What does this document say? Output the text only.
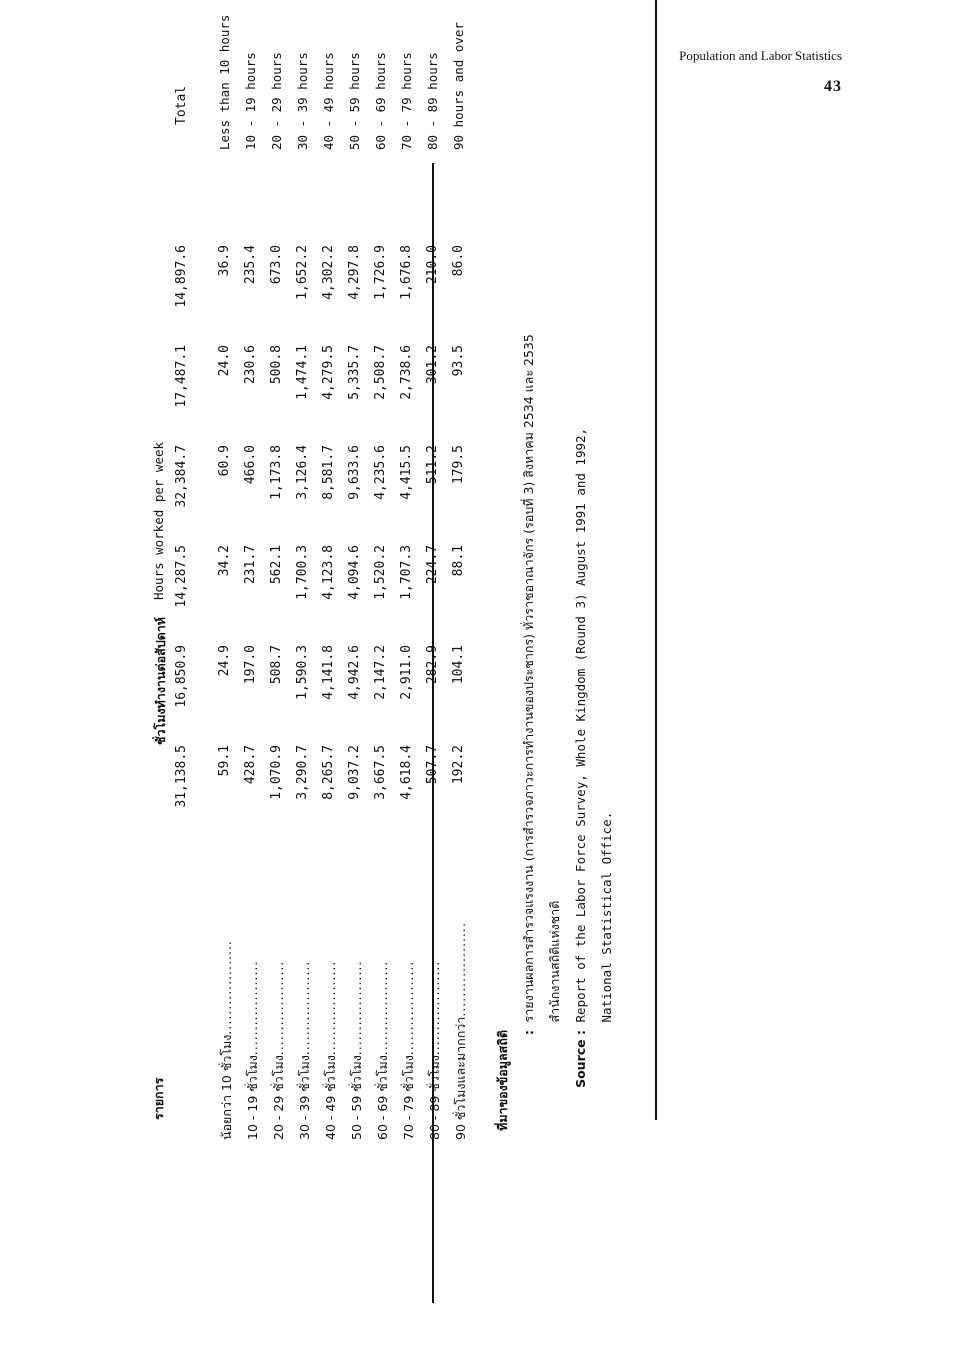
Population and Labor Statistics
43
รายการ
ชั่วโมงทำงานต่อสัปดาห์
Hours worked per week
31,138.5
16,850.9
14,287.5
32,384.7
17,487.1
14,897.6
Total
น้อยกว่า 10 ชั่วโมง...................
59.1
24.9
34.2
60.9
24.0
36.9
Less than 10 hours
10 - 19 ชั่วโมง...................
428.7
197.0
231.7
466.0
230.6
235.4
10 - 19 hours
20 - 29 ชั่วโมง...................
1,070.9
508.7
562.1
1,173.8
500.8
673.0
20 - 29 hours
30 - 39 ชั่วโมง...................
3,290.7
1,590.3
1,700.3
3,126.4
1,474.1
1,652.2
30 - 39 hours
40 - 49 ชั่วโมง...................
8,265.7
4,141.8
4,123.8
8,581.7
4,279.5
4,302.2
40 - 49 hours
50 - 59 ชั่วโมง...................
9,037.2
4,942.6
4,094.6
9,633.6
5,335.7
4,297.8
50 - 59 hours
60 - 69 ชั่วโมง...................
3,667.5
2,147.2
1,520.2
4,235.6
2,508.7
1,726.9
60 - 69 hours
70 - 79 ชั่วโมง...................
4,618.4
2,911.0
1,707.3
4,415.5
2,738.6
1,676.8
70 - 79 hours
80 - 89 ชั่วโมง...................
507.7
282.9
224.7
511.2
301.2
210.0
80 - 89 hours
90 ชั่วโมงและมากกว่า...................
192.2
104.1
88.1
179.5
93.5
86.0
90 hours and over
ที่มาของข้อมูลสถิติ : รายงานผลการสำรวจแรงงาน (การสำรวจภาวะการทำงานของประชากร) ทั่วราชอาณาจักร (รอบที่ 3) สิงหาคม 2534 และ 2535 สำนักงานสถิติแห่งชาติ
Source : Report of the Labor Force Survey, Whole Kingdom (Round 3) August 1991 and 1992, National Statistical Office.
